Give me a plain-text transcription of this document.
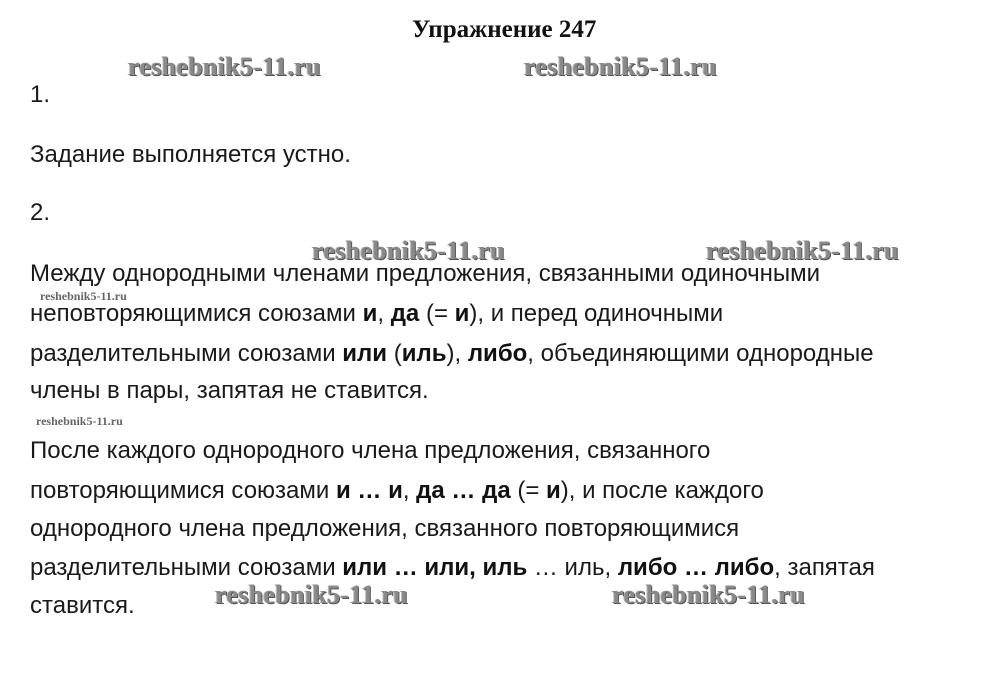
Упражнение 247
reshebnik5-11.ru	reshebnik5-11.ru
1.
Задание выполняется устно.
2.
reshebnik5-11.ru	reshebnik5-11.ru
Между однородными членами предложения, связанными одиночными
reshebnik5-11.ru
неповторяющимися союзами и, да (= и), и перед одиночными
разделительными союзами или (иль), либо, объединяющими однородные
члены в пары, запятая не ставится.
reshebnik5-11.ru
После каждого однородного члена предложения, связанного
повторяющимися союзами и … и, да … да (= и), и после каждого
однородного члена предложения, связанного повторяющимися
разделительными союзами или … или, иль … иль, либо … либо, запятая
ставится.	reshebnik5-11.ru	reshebnik5-11.ru
